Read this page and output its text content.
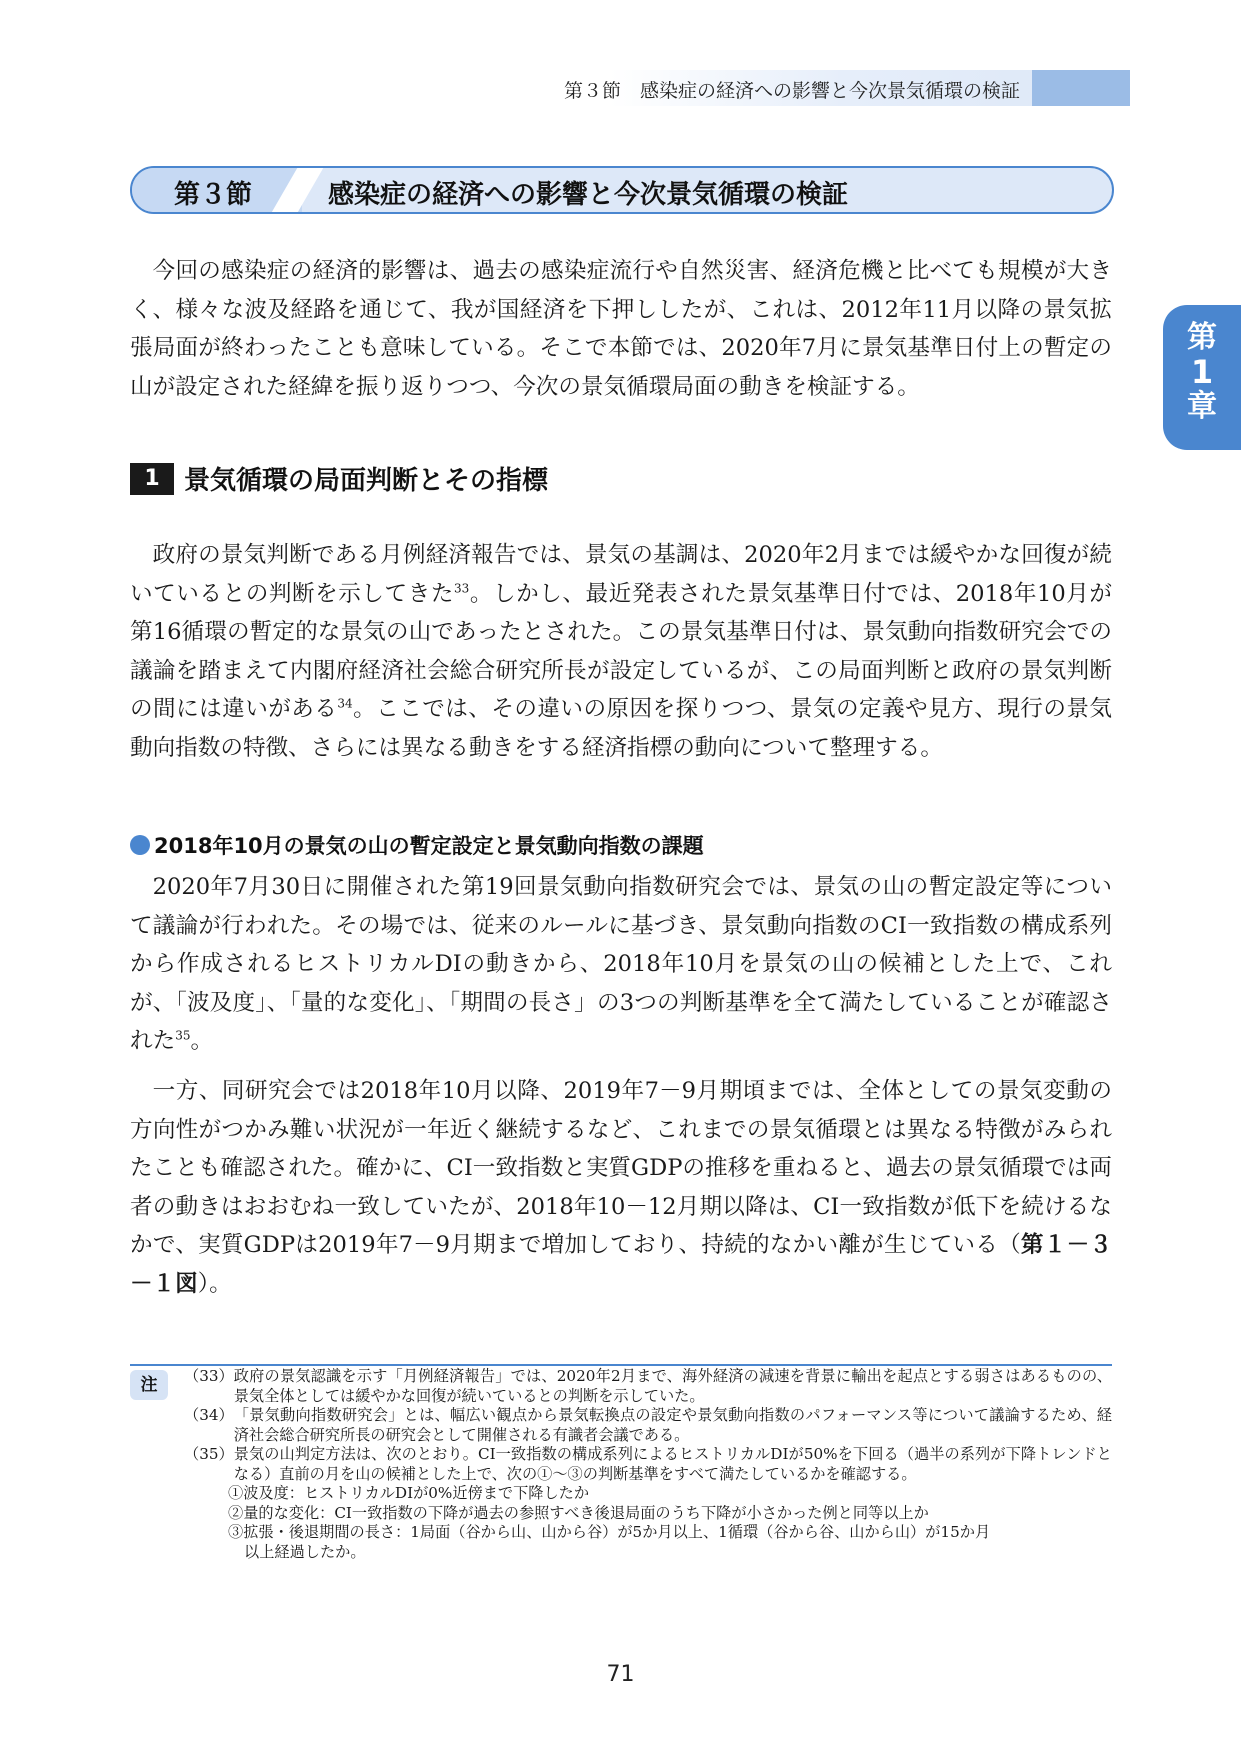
第３節　感染症の経済への影響と今次景気循環の検証
第
1
章
第３節	感染症の経済への影響と今次景気循環の検証

今回の感染症の経済的影響は、過去の感染症流行や自然災害、経済危機と比べても規模が大きく、様々な波及経路を通じて、我が国経済を下押ししたが、これは、2012年11月以降の景気拡張局面が終わったことも意味している。そこで本節では、2020年7月に景気基準日付上の暫定の山が設定された経緯を振り返りつつ、今次の景気循環局面の動きを検証する。

1 景気循環の局面判断とその指標

政府の景気判断である月例経済報告では、景気の基調は、2020年2月までは緩やかな回復が続いているとの判断を示してきた$^{33}$。しかし、最近発表された景気基準日付では、2018年10月が第16循環の暫定的な景気の山であったとされた。この景気基準日付は、景気動向指数研究会での議論を踏まえて内閣府経済社会総合研究所長が設定しているが、この局面判断と政府の景気判断の間には違いがある$^{34}$。ここでは、その違いの原因を探りつつ、景気の定義や見方、現行の景気動向指数の特徴、さらには異なる動きをする経済指標の動向について整理する。

2018年10月の景気の山の暫定設定と景気動向指数の課題

2020年7月30日に開催された第19回景気動向指数研究会では、景気の山の暫定設定等について議論が行われた。その場では、従来のルールに基づき、景気動向指数のCI一致指数の構成系列から作成されるヒストリカルDIの動きから、2018年10月を景気の山の候補とした上で、これが、「波及度」、「量的な変化」、「期間の長さ」の3つの判断基準を全て満たしていることが確認された$^{35}$。

一方、同研究会では2018年10月以降、2019年7－9月期頃までは、全体としての景気変動の方向性がつかみ難い状況が一年近く継続するなど、これまでの景気循環とは異なる特徴がみられたことも確認された。確かに、CI一致指数と実質GDPの推移を重ねると、過去の景気循環では両者の動きはおおむね一致していたが、2018年10－12月期以降は、CI一致指数が低下を続けるなかで、実質GDPは2019年7－9月期まで増加しており、持続的なかい離が生じている（第１－３－１図）。

注	（33） 政府の景気認識を示す「月例経済報告」では、2020年2月まで、海外経済の減速を背景に輸出を起点とする弱さはあるものの、景気全体としては緩やかな回復が続いているとの判断を示していた。
（34） 「景気動向指数研究会」とは、幅広い観点から景気転換点の設定や景気動向指数のパフォーマンス等について議論するため、経済社会総合研究所長の研究会として開催される有識者会議である。
（35） 景気の山判定方法は、次のとおり。CI一致指数の構成系列によるヒストリカルDIが50%を下回る（過半の系列が下降トレンドとなる）直前の月を山の候補とした上で、次の①～③の判断基準をすべて満たしているかを確認する。
①波及度：ヒストリカルDIが0%近傍まで下降したか
②量的な変化：CI一致指数の下降が過去の参照すべき後退局面のうち下降が小さかった例と同等以上か
③拡張・後退期間の長さ：1局面（谷から山、山から谷）が5か月以上、1循環（谷から谷、山から山）が15か月
以上経過したか。
71
